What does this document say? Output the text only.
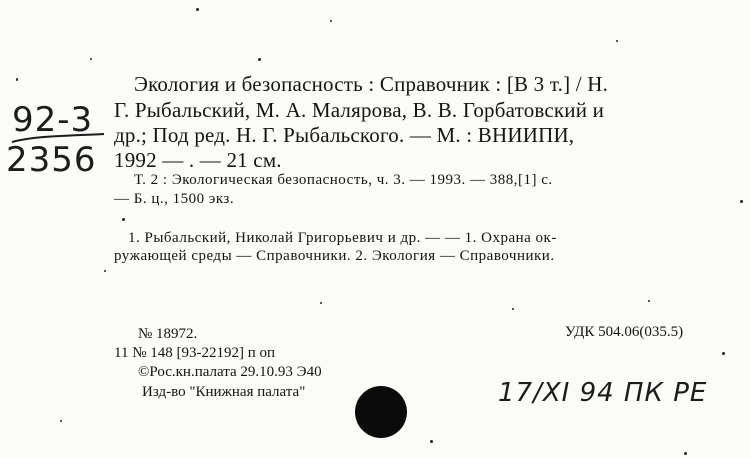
92-3
2356
Экология и безопасность : Справочник : [В 3 т.] / Н.
Г. Рыбальский, М. А. Малярова, В. В. Горбатовский и
др.; Под ред. Н. Г. Рыбальского. — М. : ВНИИПИ,
1992 — . — 21 см.
Т. 2 : Экологическая безопасность, ч. 3. — 1993. — 388,[1] с.
— Б. ц., 1500 экз.
1. Рыбальский, Николай Григорьевич и др. — — 1. Охрана ок-
ружающей среды — Справочники. 2. Экология — Справочники.
№ 18972.	УДК 504.06(035.5)
11 № 148 [93-22192] п оп
©Рос.кн.палата 29.10.93 Э40
Изд-во "Книжная палата"	17/XI 94 ПК РЕ
